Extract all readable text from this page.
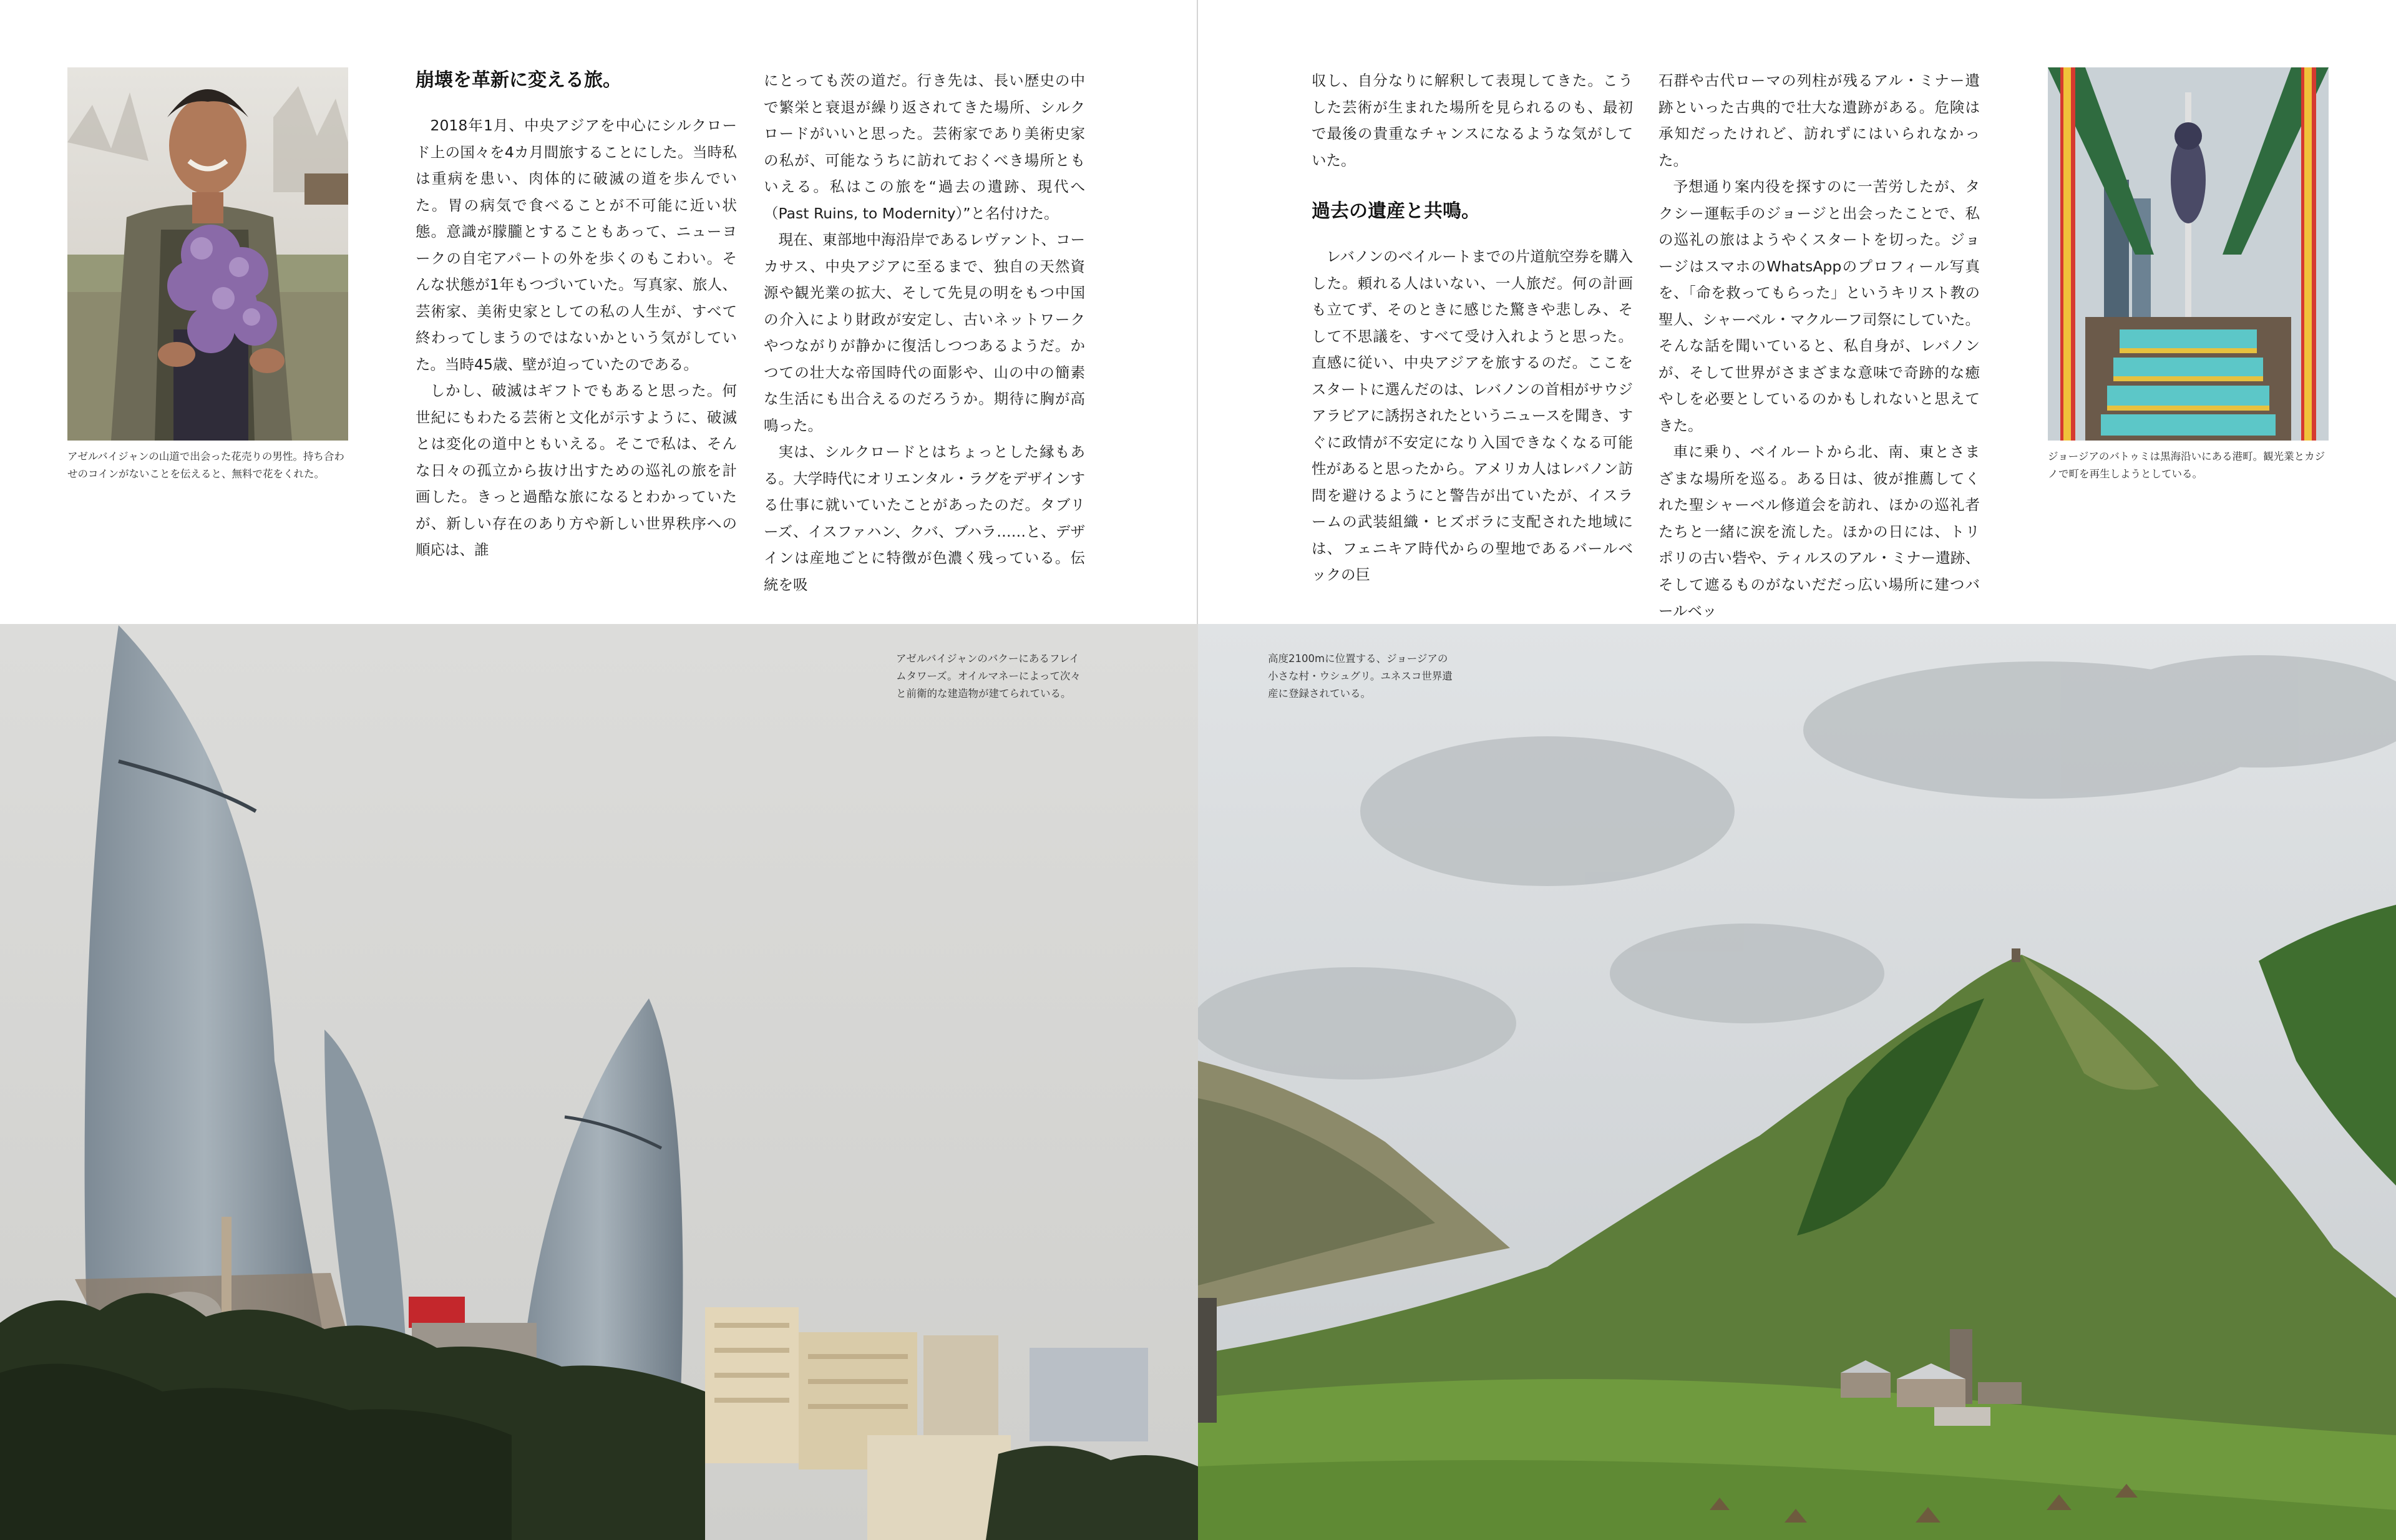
アゼルバイジャンの山道で出会った花売りの男性。持ち合わせのコインがないことを伝えると、無料で花をくれた。
崩壊を革新に変える旅。

2018年1月、中央アジアを中心にシルクロード上の国々を4カ月間旅することにした。当時私は重病を患い、肉体的に破滅の道を歩んでいた。胃の病気で食べることが不可能に近い状態。意識が朦朧とすることもあって、ニューヨークの自宅アパートの外を歩くのもこわい。そんな状態が1年もつづいていた。写真家、旅人、芸術家、美術史家としての私の人生が、すべて終わってしまうのではないかという気がしていた。当時45歳、壁が迫っていたのである。

しかし、破滅はギフトでもあると思った。何世紀にもわたる芸術と文化が示すように、破滅とは変化の道中ともいえる。そこで私は、そんな日々の孤立から抜け出すための巡礼の旅を計画した。きっと過酷な旅になるとわかっていたが、新しい存在のあり方や新しい世界秩序への順応は、誰

にとっても茨の道だ。行き先は、長い歴史の中で繁栄と衰退が繰り返されてきた場所、シルクロードがいいと思った。芸術家であり美術史家の私が、可能なうちに訪れておくべき場所ともいえる。私はこの旅を“過去の遺跡、現代へ（Past Ruins, to Modernity）”と名付けた。

現在、東部地中海沿岸であるレヴァント、コーカサス、中央アジアに至るまで、独自の天然資源や観光業の拡大、そして先見の明をもつ中国の介入により財政が安定し、古いネットワークやつながりが静かに復活しつつあるようだ。かつての壮大な帝国時代の面影や、山の中の簡素な生活にも出合えるのだろうか。期待に胸が高鳴った。

実は、シルクロードとはちょっとした縁もある。大学時代にオリエンタル・ラグをデザインする仕事に就いていたことがあったのだ。タブリーズ、イスファハン、クバ、ブハラ……と、デザインは産地ごとに特徴が色濃く残っている。伝統を吸

アゼルバイジャンのバクーにあるフレイムタワーズ。オイルマネーによって次々と前衛的な建造物が建てられている。

収し、自分なりに解釈して表現してきた。こうした芸術が生まれた場所を見られるのも、最初で最後の貴重なチャンスになるような気がしていた。

過去の遺産と共鳴。

レバノンのベイルートまでの片道航空券を購入した。頼れる人はいない、一人旅だ。何の計画も立てず、そのときに感じた驚きや悲しみ、そして不思議を、すべて受け入れようと思った。直感に従い、中央アジアを旅するのだ。ここをスタートに選んだのは、レバノンの首相がサウジアラビアに誘拐されたというニュースを聞き、すぐに政情が不安定になり入国できなくなる可能性があると思ったから。アメリカ人はレバノン訪問を避けるようにと警告が出ていたが、イスラームの武装組織・ヒズボラに支配された地域には、フェニキア時代からの聖地であるバールベックの巨

石群や古代ローマの列柱が残るアル・ミナー遺跡といった古典的で壮大な遺跡がある。危険は承知だったけれど、訪れずにはいられなかった。

予想通り案内役を探すのに一苦労したが、タクシー運転手のジョージと出会ったことで、私の巡礼の旅はようやくスタートを切った。ジョージはスマホのWhatsAppのプロフィール写真を、「命を救ってもらった」というキリスト教の聖人、シャーベル・マクルーフ司祭にしていた。そんな話を聞いていると、私自身が、レバノンが、そして世界がさまざまな意味で奇跡的な癒やしを必要としているのかもしれないと思えてきた。

車に乗り、ベイルートから北、南、東とさまざまな場所を巡る。ある日は、彼が推薦してくれた聖シャーベル修道会を訪れ、ほかの巡礼者たちと一緒に涙を流した。ほかの日には、トリポリの古い砦や、ティルスのアル・ミナー遺跡、そして遮るものがないだだっ広い場所に建つバールベッ

ジョージアのバトゥミは黒海沿いにある港町。観光業とカジノで町を再生しようとしている。
高度2100mに位置する、ジョージアの小さな村・ウシュグリ。ユネスコ世界遺産に登録されている。
